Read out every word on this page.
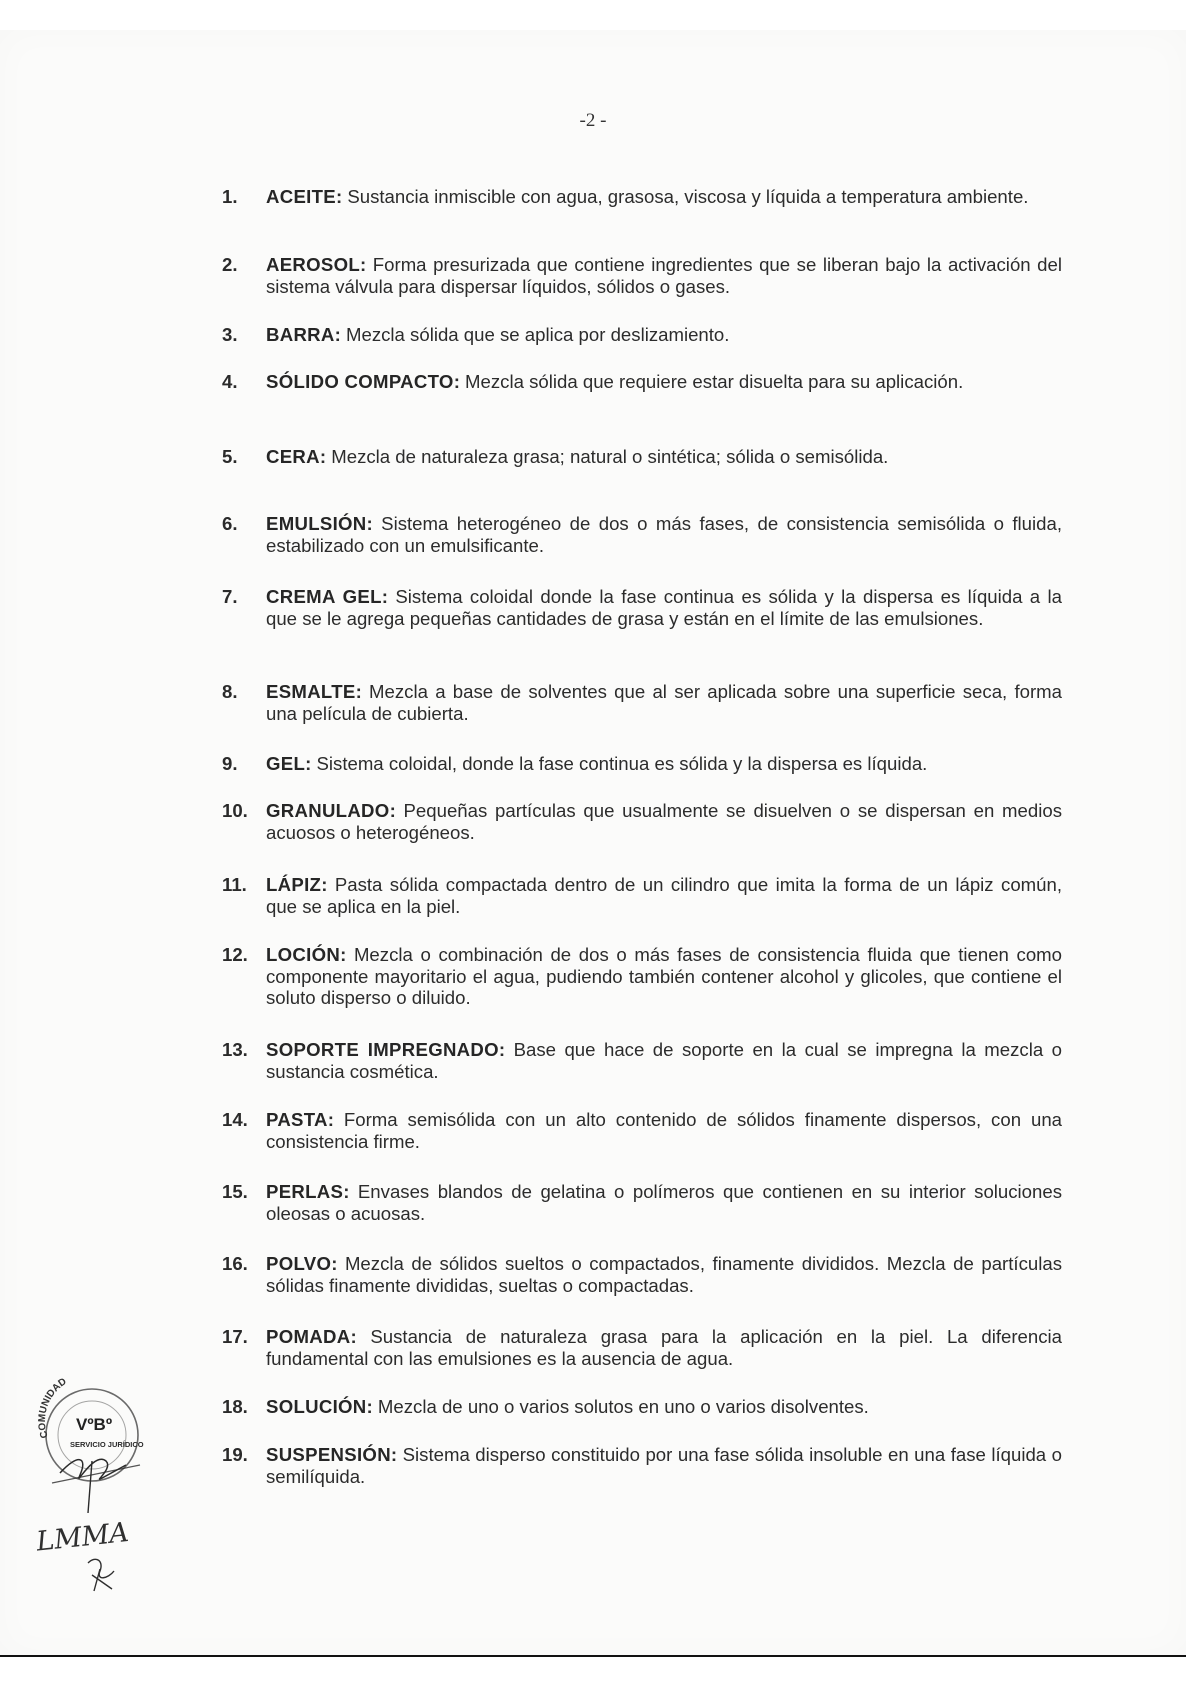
-2 -
1.	ACEITE: Sustancia inmiscible con agua, grasosa, viscosa y líquida a temperatura ambiente.
2.	AEROSOL: Forma presurizada que contiene ingredientes que se liberan bajo la activación del sistema válvula para dispersar líquidos, sólidos o gases.
3.	BARRA: Mezcla sólida que se aplica por deslizamiento.
4.	SÓLIDO COMPACTO: Mezcla sólida que requiere estar disuelta para su aplicación.
5.	CERA: Mezcla de naturaleza grasa; natural o sintética; sólida o semisólida.
6.	EMULSIÓN: Sistema heterogéneo de dos o más fases, de consistencia semisólida o fluida, estabilizado con un emulsificante.
7.	CREMA GEL: Sistema coloidal donde la fase continua es sólida y la dispersa es líquida a la que se le agrega pequeñas cantidades de grasa y están en el límite de las emulsiones.
8.	ESMALTE: Mezcla a base de solventes que al ser aplicada sobre una superficie seca, forma una película de cubierta.
9.	GEL: Sistema coloidal, donde la fase continua es sólida y la dispersa es líquida.
10. GRANULADO: Pequeñas partículas que usualmente se disuelven o se dispersan en medios acuosos o heterogéneos.
11.	LÁPIZ: Pasta sólida compactada dentro de un cilindro que imita la forma de un lápiz común, que se aplica en la piel.
12. LOCIÓN: Mezcla o combinación de dos o más fases de consistencia fluida que tienen como componente mayoritario el agua, pudiendo también contener alcohol y glicoles, que contiene el soluto disperso o diluido.
13. SOPORTE IMPREGNADO: Base que hace de soporte en la cual se impregna la mezcla o sustancia cosmética.
14. PASTA: Forma semisólida con un alto contenido de sólidos finamente dispersos, con una consistencia firme.
15. PERLAS: Envases blandos de gelatina o polímeros que contienen en su interior soluciones oleosas o acuosas.
16. POLVO: Mezcla de sólidos sueltos o compactados, finamente divididos. Mezcla de partículas sólidas finamente divididas, sueltas o compactadas.
17. POMADA: Sustancia de naturaleza grasa para la aplicación en la piel. La diferencia fundamental con las emulsiones es la ausencia de agua.
18. SOLUCIÓN: Mezcla de uno o varios solutos en uno o varios disolventes.
19. SUSPENSIÓN: Sistema disperso constituido por una fase sólida insoluble en una fase líquida o semilíquida.
COMUNIDAD
VºBº
SERVICIO JURÍDICO
LMMA
